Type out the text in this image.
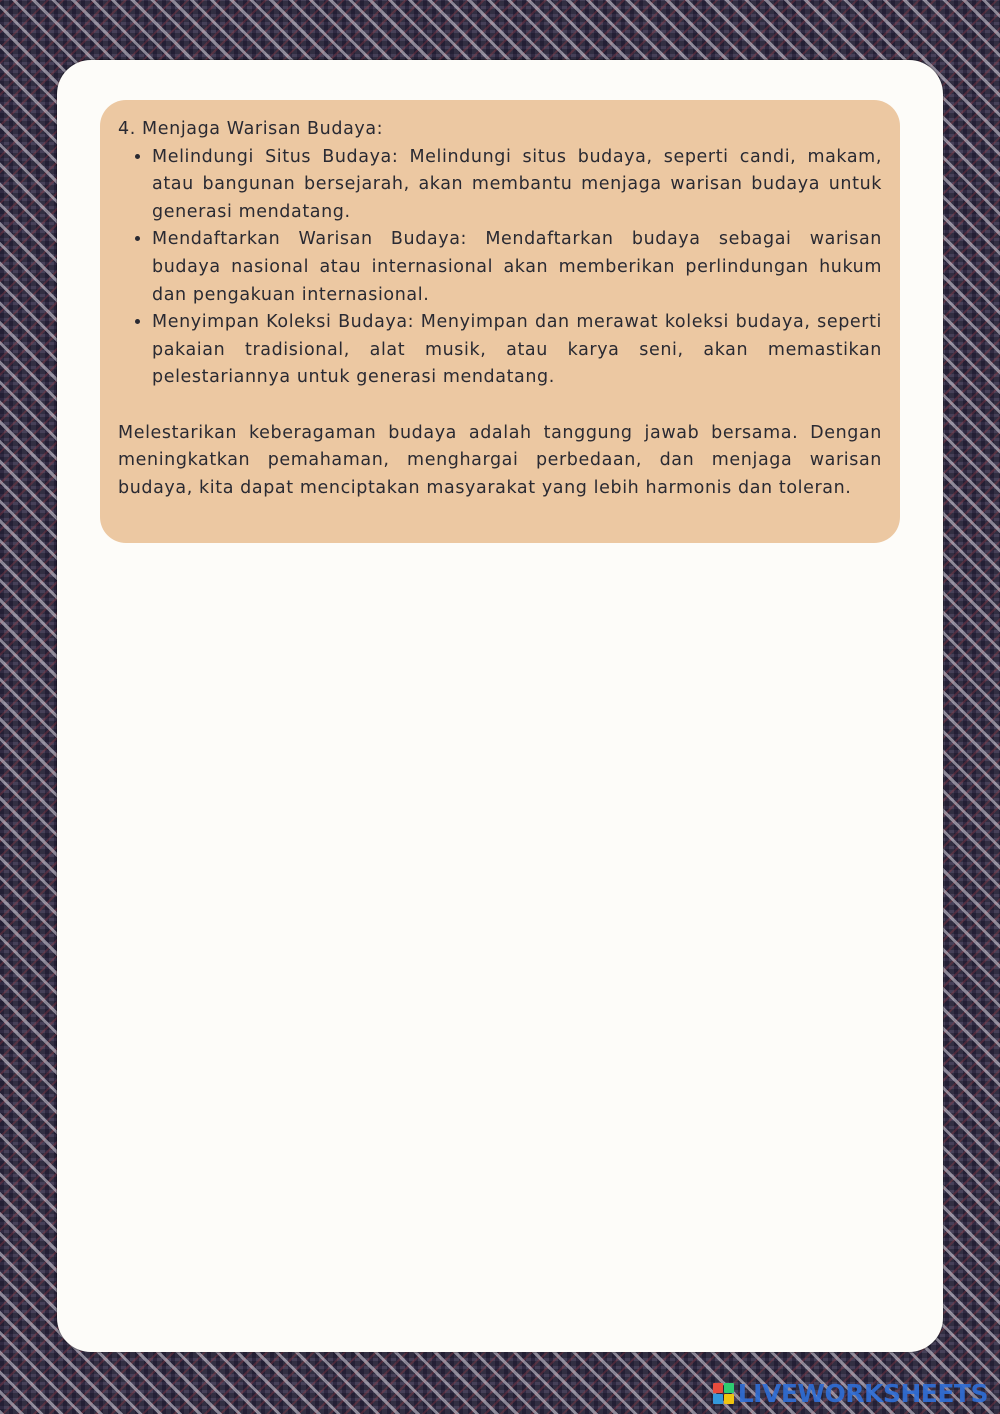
4. Menjaga Warisan Budaya:

• Melindungi Situs Budaya: Melindungi situs budaya, seperti candi, makam, atau bangunan bersejarah, akan membantu menjaga warisan budaya untuk generasi mendatang.
• Mendaftarkan Warisan Budaya: Mendaftarkan budaya sebagai warisan budaya nasional atau internasional akan memberikan perlindungan hukum dan pengakuan internasional.
• Menyimpan Koleksi Budaya: Menyimpan dan merawat koleksi budaya, seperti pakaian tradisional, alat musik, atau karya seni, akan memastikan pelestariannya untuk generasi mendatang.

Melestarikan keberagaman budaya adalah tanggung jawab bersama. Dengan meningkatkan pemahaman, menghargai perbedaan, dan menjaga warisan budaya, kita dapat menciptakan masyarakat yang lebih harmonis dan toleran.

LIVEWORKSHEETS
